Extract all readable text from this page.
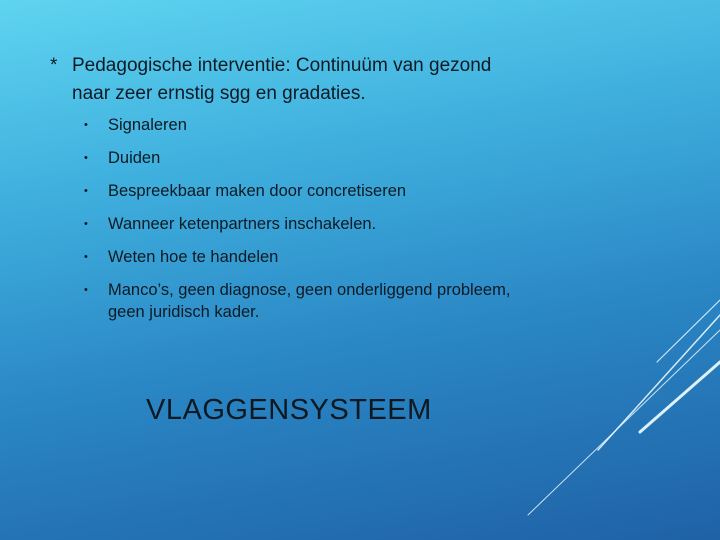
* Pedagogische interventie: Continuüm van gezond naar zeer ernstig sgg en gradaties.
•	Signaleren
•	Duiden
•	Bespreekbaar maken door concretiseren
•	Wanneer ketenpartners inschakelen.
•	Weten hoe te handelen
•	Manco’s, geen diagnose, geen onderliggend probleem, geen juridisch kader.
VLAGGENSYSTEEM
